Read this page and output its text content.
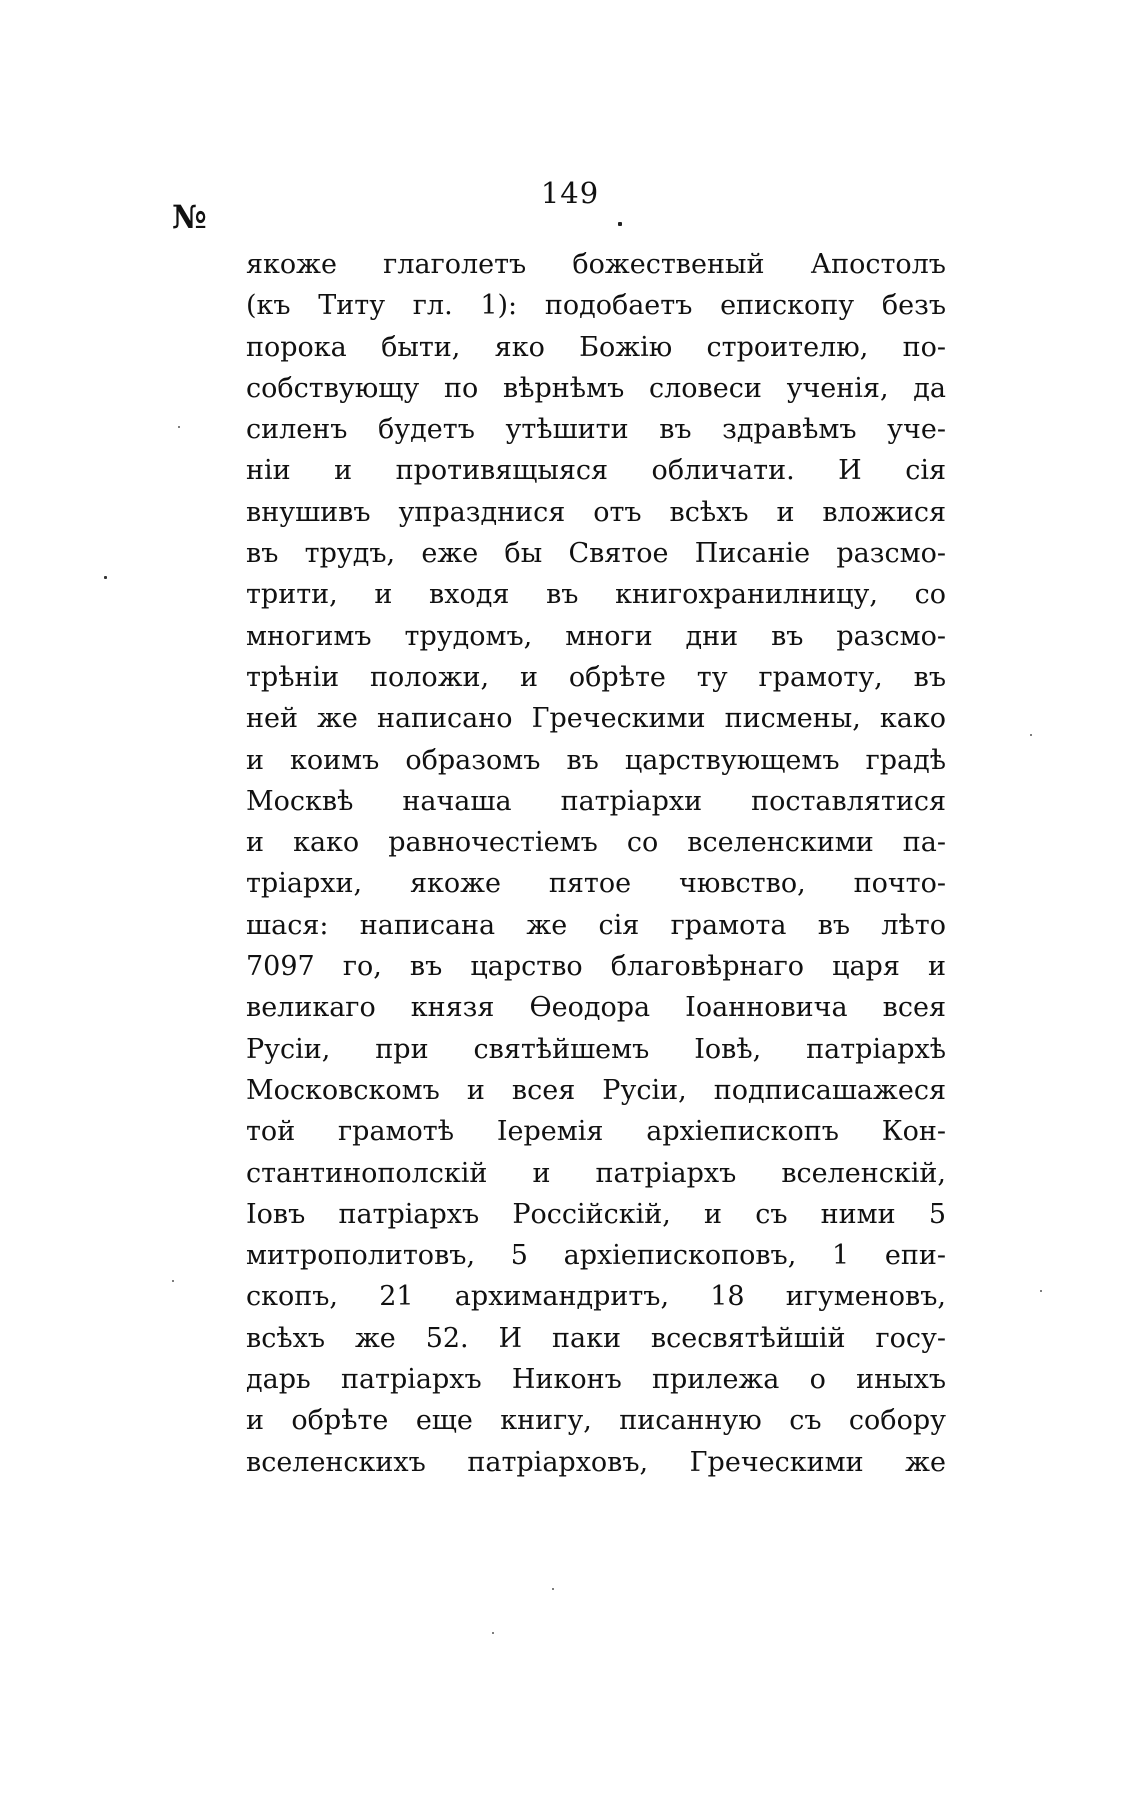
149
№
якоже глаголетъ божественый Апостолъ
(къ Титу гл. 1): подобаетъ епископу безъ
порока быти, яко Божію строителю, по-
собствующу по вѣрнѣмъ словеси ученія, да
силенъ будетъ утѣшити въ здравѣмъ уче-
ніи и противящыяся обличати. И сія
внушивъ упразднися отъ всѣхъ и вложися
въ трудъ, еже бы Святое Писаніе разсмо-
трити, и входя въ книгохранилницу, со
многимъ трудомъ, многи дни въ разсмо-
трѣніи положи, и обрѣте ту грамоту, въ
ней же написано Греческими писмены, како
и коимъ образомъ въ царствующемъ градѣ
Москвѣ начаша патріархи поставлятися
и како равночестіемъ со вселенскими па-
тріархи, якоже пятое чювство, почто-
шася: написана же сія грамота въ лѣто
7097 го, въ царство благовѣрнаго царя и
великаго князя Ѳеодора Іоанновича всея
Русіи, при святѣйшемъ Іовѣ, патріархѣ
Московскомъ и всея Русіи, подписашажеся
той грамотѣ Іеремія архіепископъ Кон-
стантинополскій и патріархъ вселенскій,
Іовъ патріархъ Россійскій, и съ ними 5
митрополитовъ, 5 архіепископовъ, 1 епи-
скопъ, 21 архимандритъ, 18 игуменовъ,
всѣхъ же 52. И паки всесвятѣйшій госу-
дарь патріархъ Никонъ прилежа о иныхъ
и обрѣте еще книгу, писанную съ собору
вселенскихъ патріарховъ, Греческими же
